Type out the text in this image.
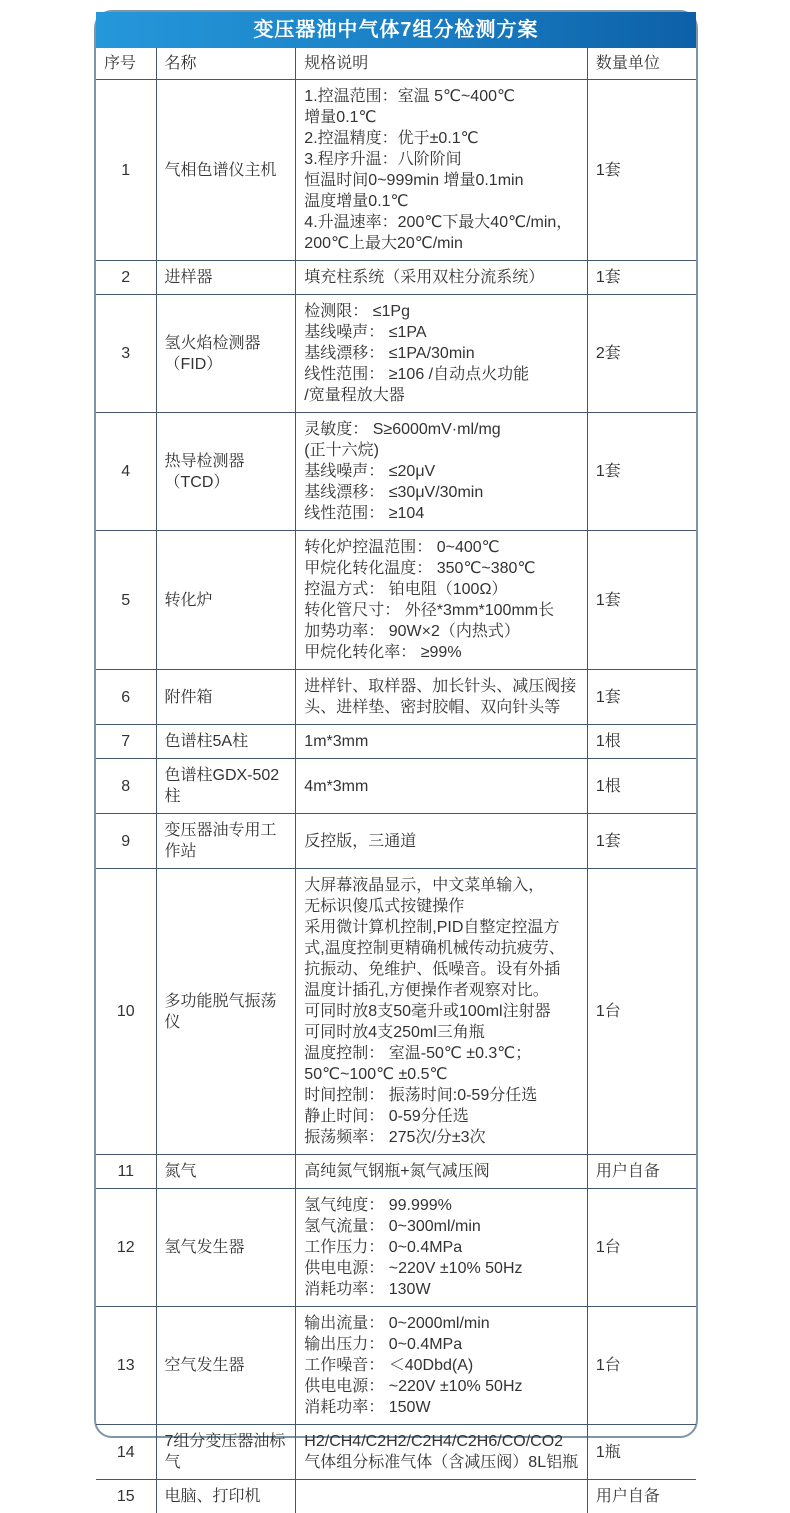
变压器油中气体7组分检测方案
序号	名称	规格说明	数量单位
1	气相色谱仪主机	
1.控温范围：室温 5℃~400℃
增量0.1℃
2.控温精度：优于±0.1℃
3.程序升温：八阶阶间
恒温时间0~999min 增量0.1min
温度增量0.1℃
4.升温速率：200℃下最大40℃/min，
200℃上最大20℃/min
	1套
2	进样器	填充柱系统（采用双柱分流系统）	1套
3	氢火焰检测器（FID）	检测限： ≤1Pg
基线噪声： ≤1PA
基线漂移： ≤1PA/30min
线性范围： ≥106 /自动点火功能
/宽量程放大器	2套
4	热导检测器（TCD）	灵敏度： S≥6000mV·ml/mg
(正十六烷)
基线噪声： ≤20μV
基线漂移： ≤30μV/30min
线性范围： ≥104	1套
5	转化炉	
转化炉控温范围： 0~400℃
甲烷化转化温度： 350℃~380℃
控温方式： 铂电阻（100Ω）
转化管尺寸： 外径*3mm*100mm长
加势功率： 90W×2（内热式）
甲烷化转化率： ≥99%
	1套
6	附件箱	进样针、取样器、加长针头、减压阀接头、进样垫、密封胶帽、双向针头等	1套
7	色谱柱5A柱	1m*3mm	1根
8	色谱柱GDX-502柱	4m*3mm	1根
9	变压器油专用工作站	反控版，三通道	1套
10	多功能脱气振荡仪	
大屏幕液晶显示，中文菜单输入，
无标识傻瓜式按键操作
采用微计算机控制,PID自整定控温方
式,温度控制更精确机械传动抗疲劳、
抗振动、免维护、低噪音。设有外插
温度计插孔,方便操作者观察对比。
可同时放8支50毫升或100ml注射器
可同时放4支250ml三角瓶
温度控制： 室温-50℃ ±0.3℃；
50℃~100℃ ±0.5℃
时间控制： 振荡时间:0-59分任选
静止时间： 0-59分任选
振荡频率： 275次/分±3次
	1台
11	氮气	高纯氮气钢瓶+氮气减压阀	用户自备
12	氢气发生器	氢气纯度： 99.999%
氢气流量： 0~300ml/min
工作压力： 0~0.4MPa
供电电源： ~220V ±10% 50Hz
消耗功率： 130W	1台
13	空气发生器	输出流量： 0~2000ml/min
输出压力： 0~0.4MPa
工作噪音： ＜40Dbd(A)
供电电源： ~220V ±10% 50Hz
消耗功率： 150W	1台
14	7组分变压器油标气	H2/CH4/C2H2/C2H4/C2H6/CO/CO2
气体组分标准气体（含减压阀）8L铝瓶	1瓶
15	电脑、打印机		用户自备
